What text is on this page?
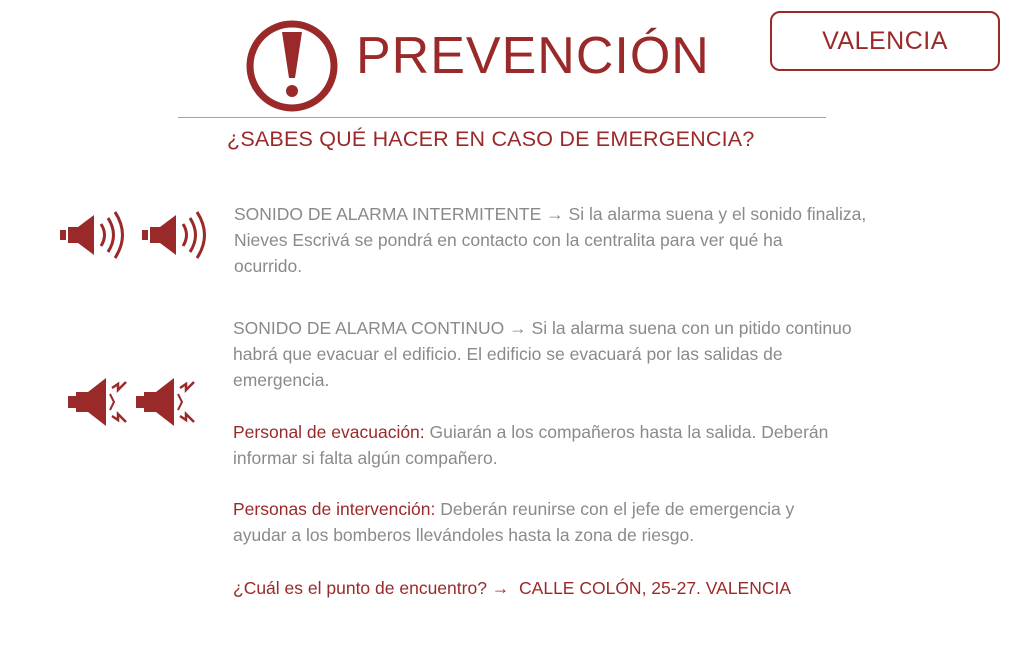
VALENCIA
PREVENCIÓN
¿SABES QUÉ HACER EN CASO DE EMERGENCIA?

SONIDO DE ALARMA INTERMITENTE → Si la alarma suena y el sonido finaliza,

Nieves Escrivá se pondrá en contacto con la centralita para ver qué ha

ocurrido.

SONIDO DE ALARMA CONTINUO → Si la alarma suena con un pitido continuo

habrá que evacuar el edificio. El edificio se evacuará por las salidas de

emergencia.

Personal de evacuación: Guiarán a los compañeros hasta la salida. Deberán

informar si falta algún compañero.

Personas de intervención: Deberán reunirse con el jefe de emergencia y

ayudar a los bomberos llevándoles hasta la zona de riesgo.

¿Cuál es el punto de encuentro? → CALLE COLÓN, 25-27. VALENCIA
